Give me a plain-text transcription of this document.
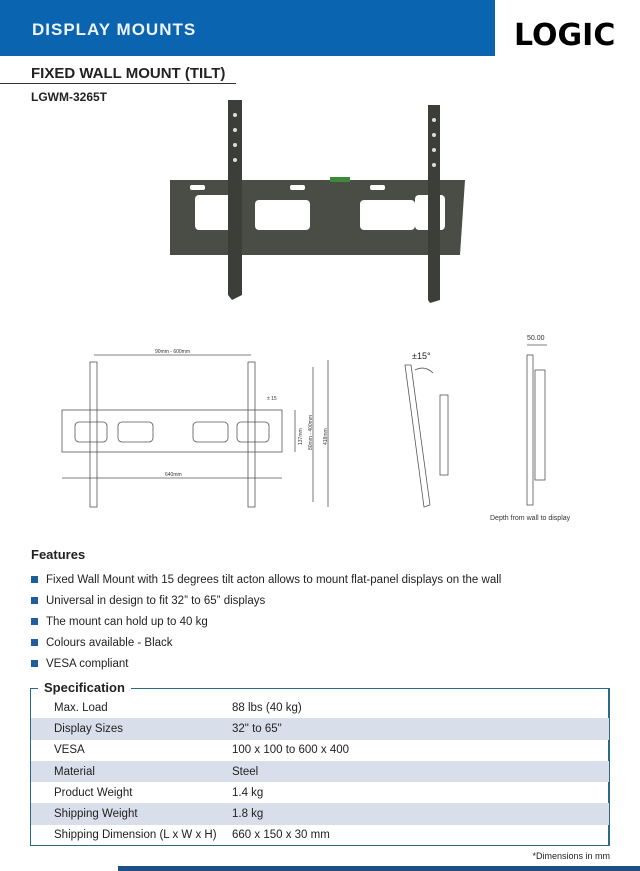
DISPLAY MOUNTS	LOGIC
FIXED WALL MOUNT (TILT)
LGWM-3265T
90mm - 600mm
640mm
± 15
137mm 80mm - 400mm 418mm
±15°
50.00
Depth from wall to display
Features
Fixed Wall Mount with 15 degrees tilt acton allows to mount flat-panel displays on the wall
Universal in design to fit 32” to 65” displays
The mount can hold up to 40 kg
Colours available - Black
VESA compliant
Specification
Max. Load	88 lbs (40 kg)
Display Sizes	32" to 65"
VESA	100 x 100 to 600 x 400
Material	Steel
Product Weight	1.4 kg
Shipping Weight	1.8 kg
Shipping Dimension (L x W x H)	660 x 150 x 30 mm
*Dimensions in mm
